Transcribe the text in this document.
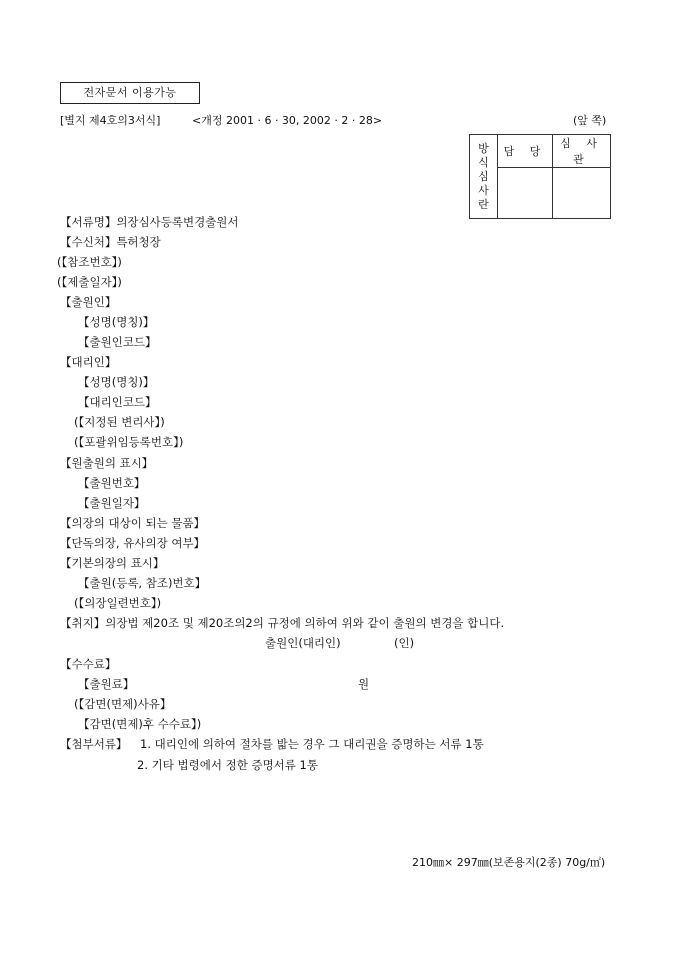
전자문서 이용가능
[별지 제4호의3서식]	<개정 2001 · 6 · 30, 2002 · 2 · 28>	(앞 쪽)
방
식
심
사
란	담 당	심 사 관

【서류명】의장심사등록변경출원서
【수신처】특허청장
(【참조번호】)
(【제출일자】)
【출원인】
【성명(명칭)】
【출원인코드】
【대리인】
【성명(명칭)】
【대리인코드】
(【지정된 변리사】)
(【포괄위임등록번호】)
【원출원의 표시】
【출원번호】
【출원일자】
【의장의 대상이 되는 물품】
【단독의장, 유사의장 여부】
【기본의장의 표시】
【출원(등록, 참조)번호】
(【의장일련번호】)
【취지】의장법 제20조 및 제20조의2의 규정에 의하여 위와 같이 출원의 변경을 합니다.
출원인(대리인)	(인)
【수수료】
【출원료】	원
(【감면(면제)사유】
【감면(면제)후 수수료】)
【첨부서류】 1. 대리인에 의하여 절차를 밟는 경우 그 대리권을 증명하는 서류 1통
2. 기타 법령에서 정한 증명서류 1통
210㎜× 297㎜(보존용지(2종) 70g/㎡)
